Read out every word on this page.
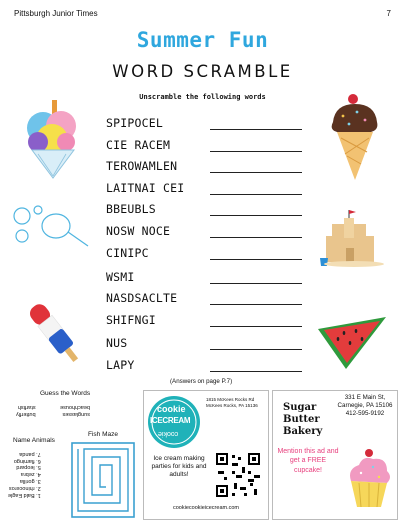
Pittsburgh Junior Times	7
Summer Fun
WORD SCRAMBLE
Unscramble the following words
SPIPOCEL
CIE RACEM
TEROWAMLEN
LAITNAI CEI
BBEUBLS
NOSW NOCE
CINIPC
WSMI
NASDSACLTE
SHIFNGI
NUS
LAPY
(Answers on page P.7)
Guess the Words
butterfly
starfish
sunglasses
beachhouse
Name Animals
1. Bald Eagle
2. rhinoceros
3. gorilla
4. zebra
5. leopard
6. flamingo
7. panda
Fish Maze
cookie
ICECREAM
cookie
1815 McKees Rocks Rd
McKees Rocks, PA 15136
Ice cream making parties for kids and adults!
cookiecookieicecream.com
Sugar
Butter
Bakery
331 E Main St,
Carnegie, PA 15106
412-595-9192
Mention this ad and get a FREE cupcake!
